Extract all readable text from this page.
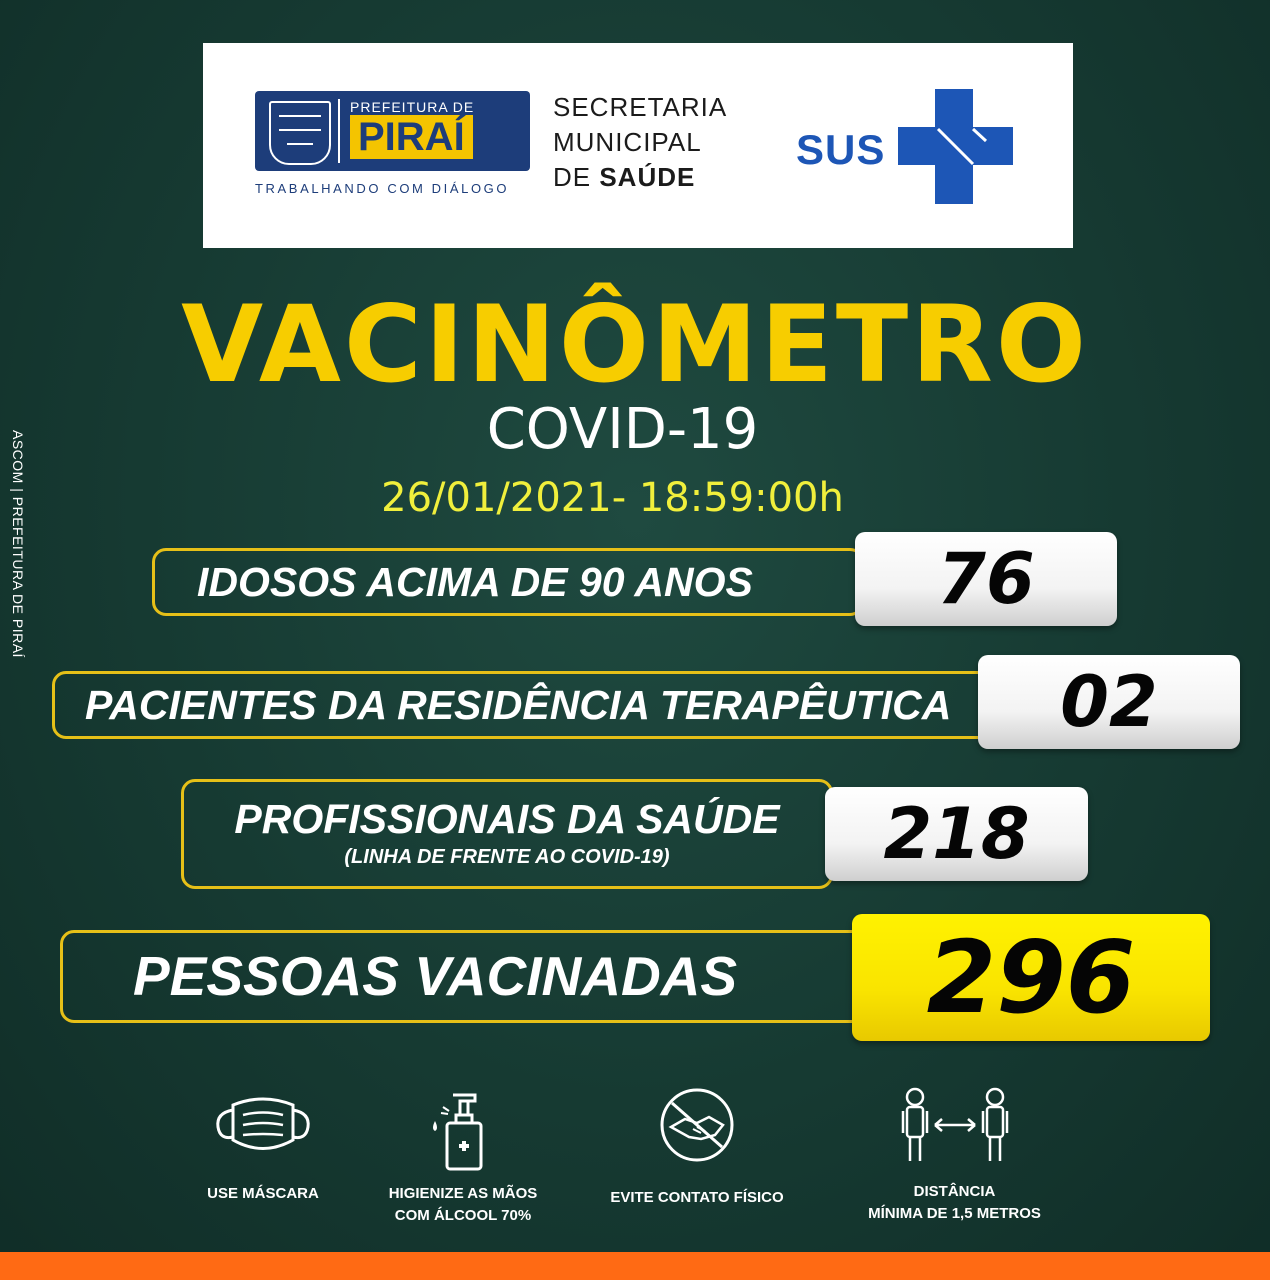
PREFEITURA DE
PIRAÍ
TRABALHANDO COM DIÁLOGO
SECRETARIA
MUNICIPAL
DE SAÚDE
SUS
ASCOM | PREFEITURA DE PIRAÍ
VACINÔMETRO
COVID-19
26/01/2021- 18:59:00h
IDOSOS ACIMA DE 90 ANOS	76
PACIENTES DA RESIDÊNCIA TERAPÊUTICA	02
PROFISSIONAIS DA SAÚDE
(LINHA DE FRENTE AO COVID-19)	218
PESSOAS VACINADAS	296
USE MÁSCARA	HIGIENIZE AS MÃOS
COM ÁLCOOL 70%
EVITE CONTATO FÍSICO	DISTÂNCIA
MÍNIMA DE 1,5 METROS
